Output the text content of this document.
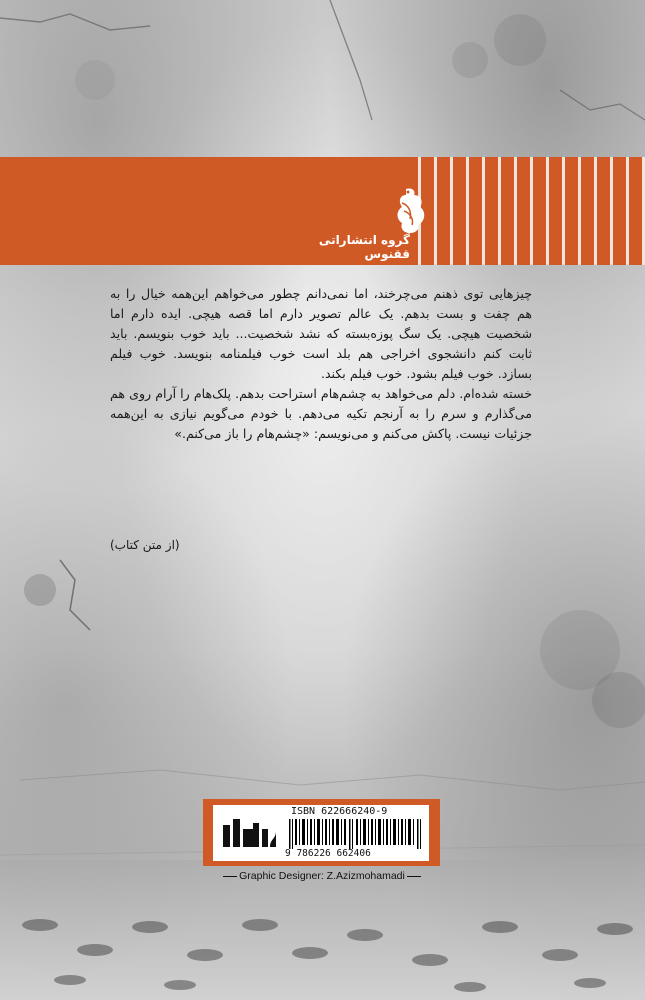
گروه انتشاراتی ققنوس

چیزهایی توی ذهنم می‌چرخند، اما نمی‌دانم چطور می‌خواهم این‌همه خیال را به هم چفت و بست بدهم. یک عالم تصویر دارم اما قصه هیچی. ایده دارم اما شخصیت هیچی. یک سگ پوزه‌بسته که نشد شخصیت... باید خوب بنویسم. باید ثابت کنم دانشجوی اخراجی هم بلد است خوب فیلمنامه بنویسد. خوب فیلم بسازد. خوب فیلم بشود. خوب فیلم بکند.

خسته شده‌ام. دلم می‌خواهد به چشم‌هام استراحت بدهم. پلک‌هام را آرام روی هم می‌گذارم و سرم را به آرنجم تکیه می‌دهم. با خودم می‌گویم نیازی به این‌همه جزئیات نیست. پاکش می‌کنم و می‌نویسم: «چشم‌هام را باز می‌کنم.»

(از متن کتاب)
ISBN 622666240-9
9 786226 662406
Graphic Designer: Z.Azizmohamadi
